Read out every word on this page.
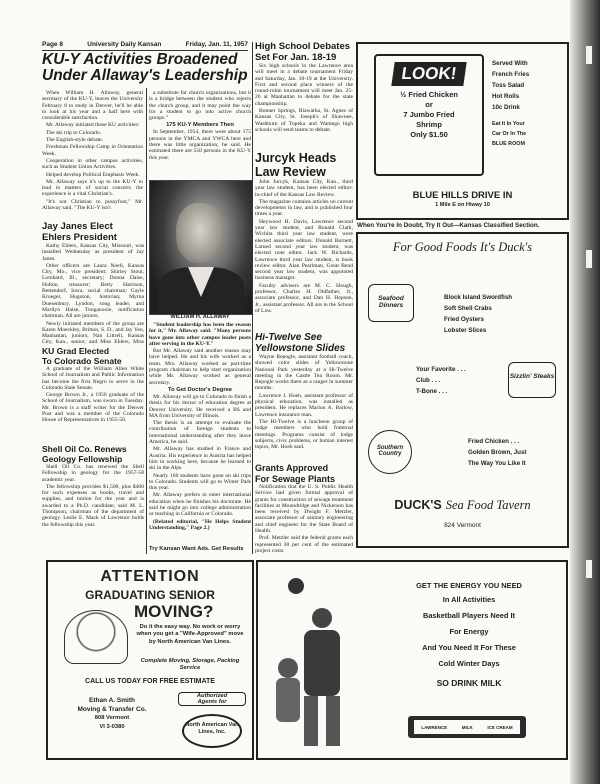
Page 8	University Daily Kansan	Friday, Jan. 11, 1957
KU-Y Activities Broadened
Under Allaway's Leadership

When William H. Allaway, general secretary of the KU-Y, leaves the University February 8 to study in Denver, he'll be able to look at his year and a half here with considerable satisfaction.

Mr. Allaway initiated these KU activities:

The ski trip to Colorado.

The English-style debate.

Freshman Fellowship Camp in Orientation Week.

Cooperation in other campus activities, such as Student Union Activities.

Helped develop Political Emphasis Week.

Mr. Allaway says it's up to the KU-Y to lead in matters of social concern; the experience is a vital Christian's.

"It's not Christian to pussyfoot," Mr. Allaway said. "The KU-Y isn't

Jay Janes Elect
Ehlers President

Kathy Ehlers, Kansas City, Missouri, was installed Wednesday as president of Jay Janes.

Other officers are Laura Noell, Kansas City, Mo., vice president; Shirley Stout, Lombard, Ill., secretary; Donna Daise, Holton, treasurer; Betty Harrison, Bettendorf, Iowa, social chairman; Gayle Kroeger, Hugoton, historian; Myrna Duesenbury, Lyndon, song leader, and Marilyn Haise, Tonganoxie, notification chairman. All are juniors.

Newly initiated members of the group are Karen Moeckley, Britton, S. D., and Jay Yeo, Manhattan, juniors; Nan Littrell, Kansas City, Kan., senior, and Miss Ehlers, Miss

KU Grad Elected
To Colorado Senate

A graduate of the William Allen White School of Journalism and Public Information has become the first Negro to serve in the Colorado State Senate.

George Brown Jr., a 1950 graduate of the School of Journalism, was sworn in Tuesday. Mr. Brown is a staff writer for the Denver Post and was a member of the Colorado House of Representatives in 1955-56.

Shell Oil Co. Renews
Geology Fellowship

Shell Oil Co. has renewed the Shell Fellowship in geology for the 1957-58 academic year.

The fellowship provides $1,500, plus $400 for such expenses as books, travel and supplies, and tuition for the year and is awarded to a Ph.D. candidate, said M. L. Thompson, chairman of the department of geology. Leslie E. Mack of Lawrence holds the fellowship this year.

a substitute for church organizations, but it is a bridge between the student who rejects the church group, and it may point the way for a student to go into active church groups."

175 KU-Y Members Then

In September, 1954, there were about 175 persons in the YMCA and YWCA here and there was little organization, he said. He estimated there are 550 persons in the KU-Y this year.

WILLIAM H. ALLAWAY

"Student leadership has been the reason for it," Mr. Allaway said. "Many persons have gone into other campus leader posts after serving in the KU-Y."

But Mr. Allaway said another reason may have helped. He and his wife worked as a team. Mrs. Allaway worked as part-time program chairman to help start organization while Mr. Allaway worked as general secretary.

To Get Doctor's Degree

Mr. Allaway will go to Colorado to finish a thesis for his doctor of education degree at Denver University. He received a BS and MA from University of Illinois.

The thesis is an attempt to evaluate the contribution of foreign students to international understanding after they leave America, he said.

Mr. Allaway has studied in France and Austria. His experience in Austria has helped him in working here, because he learned to ski in the Alps.

Nearly 160 students have gone on ski trips to Colorado. Students will go to Winter Park this year.

Mr. Allaway prefers to enter international education when he finishes his doctorate. He said he might go into college administration or teaching in California or Colorado.

(Related editorial, "He Helps Student Understanding," Page 2.)

Try Kansan Want Ads. Get Results
High School Debates
Set For Jan. 18-19

Six high schools in the Lawrence area will meet in a debate tournament Friday and Saturday, Jan. 18-19 at the University. First and second place winners of the round-robin tournament will meet Jan. 25-26 at Manhattan to debate for the state championship.

Bonner Springs, Hiawatha, St. Agnes of Kansas City, St. Joseph's of Shawnee, Washburn of Topeka and Wamego high schools will send teams to debate.

Jurcyk Heads
Law Review

John Jurcyk, Kansas City, Kan., third year law student, has been elected editor-in-chief of the Kansas Law Review.

The magazine contains articles on current developments in law, and is published four times a year.

Heywood H. Davis, Lawrence second year law student, and Ronald Clark, Wichita third year law student, were elected associate editors. Donald Burnett, Larned second year law student, was elected note editor. Jack W. Richards, Lawrence third year law student, is book review editor. Alan Pearlman, Great Bend second year law student, was appointed business manager.

Faculty advisers are M. C. Slough, professor, Charles H. Oldfather, Jr., associate professor, and Dan H. Hopson, Jr., assistant professor. All are in the School of Law.

Hi-Twelve See
Yellowstone Slides

Wayne Repogle, assistant football coach, showed color slides of Yellowstone National Park yesterday at a Hi-Twelve meeting in the Castle Tea Room. Mr. Repogle works there as a ranger in summer months.

Lawrence J. Hoeh, assistant professor of physical education, was installed as president. He replaces Marion A. Barlow, Lawrence insurance man.

The Hi-Twelve is a luncheon group of lodge members who hold fraternal meetings. Programs consist of lodge subjects, civic problems, or human interest topics, Mr. Hoeh said.

Grants Approved
For Sewage Plants

Notification that the U. S. Public Health Service had given formal approval of grants for construction of sewage treatment facilities at Moundridge and Nickerson has been received by Dwight F. Metzler, associate professor of sanitary engineering and chief engineer for the State Board of Health.

Prof. Metzler said the federal grants each represented 30 per cent of the estimated project costs.

LOOK!
½ Fried Chicken
or
7 Jumbo Fried
Shrimp
Only $1.50
Served With
French Fries
Toss Salad
Hot Rolls
10c Drink
Eat It In Your
Car Or In The
BLUE ROOM
BLUE HILLS DRIVE IN
1 Mile E on Hiway 10
When You're In Doubt, Try It Out—Kansas Classified Section.
For Good Foods It's Duck's
Seafood Dinners
Block Island Swordfish
Soft Shell Crabs
Fried Oysters
Lobster Slices
Your Favorite . . .
Club . . .
T-Bone . . .
Sizzlin' Steaks
Southern Country
Fried Chicken . . .
Golden Brown, Just
The Way You Like It
DUCK'S Sea Food Tavern
824 Vermont
ATTENTION
GRADUATING SENIOR
MOVING?
Do it the easy way. No work or worry when you get a "Wife-Approved" move by North American Van Lines.
Complete Moving, Storage, Packing Service
CALL US TODAY FOR FREE ESTIMATE
Ethan A. Smith
Moving & Transfer Co.
808 Vermont
VI 3-0380
Authorized
Agents for
North American Van Lines, Inc.
GET THE ENERGY YOU NEED
In All Activities
Basketball Players Need It
For Energy
And You Need It For These
Cold Winter Days
SO DRINK MILK
LAWRENCE	MILK	ICE CREAM
